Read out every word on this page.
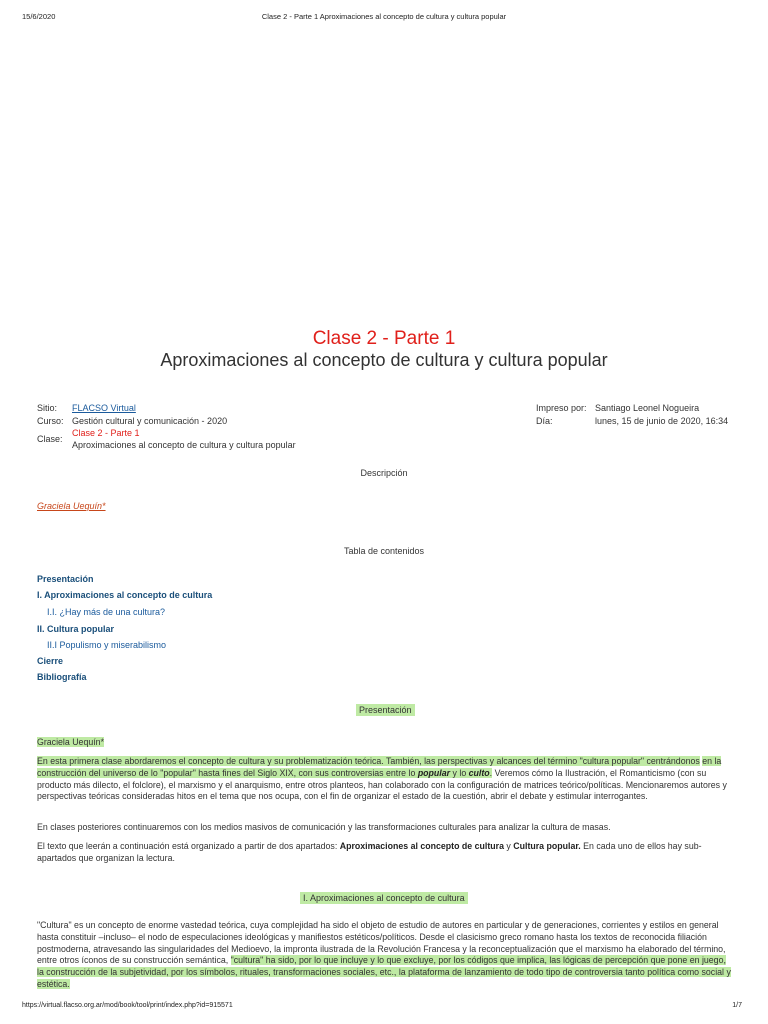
15/6/2020	Clase 2 - Parte 1 Aproximaciones al concepto de cultura y cultura popular
Clase 2 - Parte 1
Aproximaciones al concepto de cultura y cultura popular
Sitio: FLACSO Virtual
Curso: Gestión cultural y comunicación - 2020
Clase:
Clase 2 - Parte 1
Aproximaciones al concepto de cultura y cultura popular
Impreso por: Santiago Leonel Nogueira
Día:	lunes, 15 de junio de 2020, 16:34
Descripción
Graciela Uequín*
Tabla de contenidos
Presentación
I. Aproximaciones al concepto de cultura
I.I. ¿Hay más de una cultura?
II. Cultura popular
II.I Populismo y miserabilismo
Cierre
Bibliografía
Presentación
Graciela Uequín*
En esta primera clase abordaremos el concepto de cultura y su problematización teórica. También, las perspectivas y alcances del término "cultura popular" centrándonos en la construcción del universo de lo "popular" hasta fines del Siglo XIX, con sus controversias entre lo popular y lo culto. Veremos cómo la Ilustración, el Romanticismo (con su producto más dilecto, el folclore), el marxismo y el anarquismo, entre otros planteos, han colaborado con la configuración de matrices teórico/políticas. Mencionaremos autores y perspectivas teóricas consideradas hitos en el tema que nos ocupa, con el fin de organizar el estado de la cuestión, abrir el debate y estimular interrogantes.
En clases posteriores continuaremos con los medios masivos de comunicación y las transformaciones culturales para analizar la cultura de masas.
El texto que leerán a continuación está organizado a partir de dos apartados: Aproximaciones al concepto de cultura y Cultura popular. En cada uno de ellos hay sub-apartados que organizan la lectura.
I. Aproximaciones al concepto de cultura
"Cultura" es un concepto de enorme vastedad teórica, cuya complejidad ha sido el objeto de estudio de autores en particular y de generaciones, corrientes y estilos en general hasta constituir –incluso– el nodo de especulaciones ideológicas y manifiestos estéticos/políticos. Desde el clasicismo greco romano hasta los textos de reconocida filiación postmoderna, atravesando las singularidades del Medioevo, la impronta ilustrada de la Revolución Francesa y la reconceptualización que el marxismo ha elaborado del término, entre otros íconos de su construcción semántica, "cultura" ha sido, por lo que incluye y lo que excluye, por los códigos que implica, las lógicas de percepción que pone en juego, la construcción de la subjetividad, por los símbolos, rituales, transformaciones sociales, etc., la plataforma de lanzamiento de todo tipo de controversia tanto política como social y estética.
https://virtual.flacso.org.ar/mod/book/tool/print/index.php?id=915571	1/7
